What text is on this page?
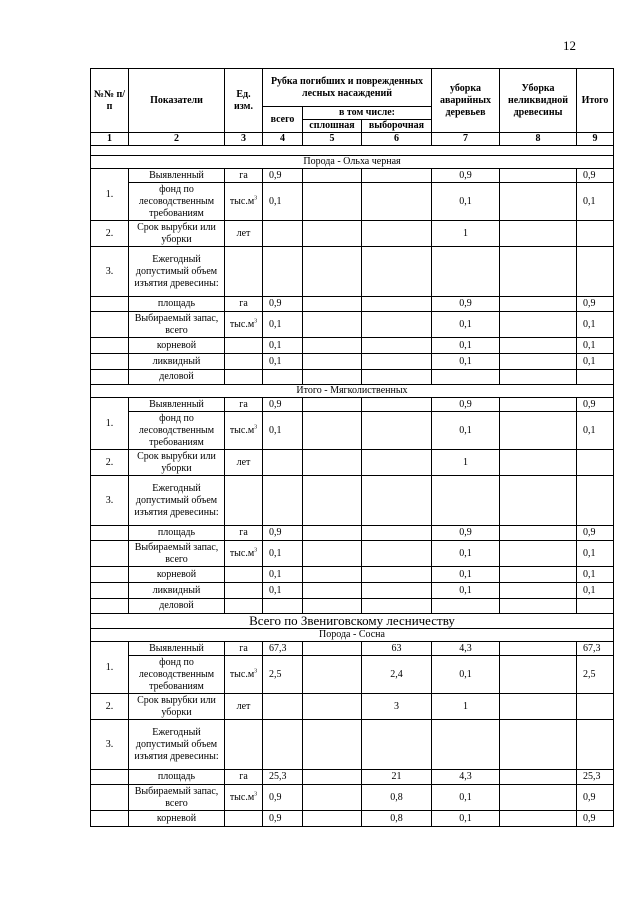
12
№№ п/п	Показатели	Ед. изм.	Рубка погибших и поврежденных лесных насаждений			уборка аварийных деревьев	Уборка неликвидной древесины	Итого
			всего	в том числе:				
				сплошная	выборочная			
1	2	3	4	5	6	7	8	9

Порода - Ольха черная								
1.	Выявленный	га	0,9			0,9		0,9
	фонд по лесоводственным требованиям	$тыс.м^3$	0,1			0,1		0,1
2.	Срок вырубки или уборки	лет				1		
3.	Ежегодный допустимый объем изъятия древесины:							
	площадь	га	0,9			0,9		0,9
	Выбираемый запас, всего	$тыс.м^3$	0,1			0,1		0,1
	корневой		0,1			0,1		0,1
	ликвидный		0,1			0,1		0,1
	деловой							
Итого - Мягколиственных								
1.	Выявленный	га	0,9			0,9		0,9
	фонд по лесоводственным требованиям	$тыс.м^3$	0,1			0,1		0,1
2.	Срок вырубки или уборки	лет				1		
3.	Ежегодный допустимый объем изъятия древесины:							
	площадь	га	0,9			0,9		0,9
	Выбираемый запас, всего	$тыс.м^3$	0,1			0,1		0,1
	корневой		0,1			0,1		0,1
	ликвидный		0,1			0,1		0,1
	деловой							
Всего по Звениговскому лесничеству								
Порода - Сосна								
1.	Выявленный	га	67,3		63	4,3		67,3
	фонд по лесоводственным требованиям	$тыс.м^3$	2,5		2,4	0,1		2,5
2.	Срок вырубки или уборки	лет			3	1		
3.	Ежегодный допустимый объем изъятия древесины:							
	площадь	га	25,3		21	4,3		25,3
	Выбираемый запас, всего	$тыс.м^3$	0,9		0,8	0,1		0,9
	корневой		0,9		0,8	0,1		0,9
